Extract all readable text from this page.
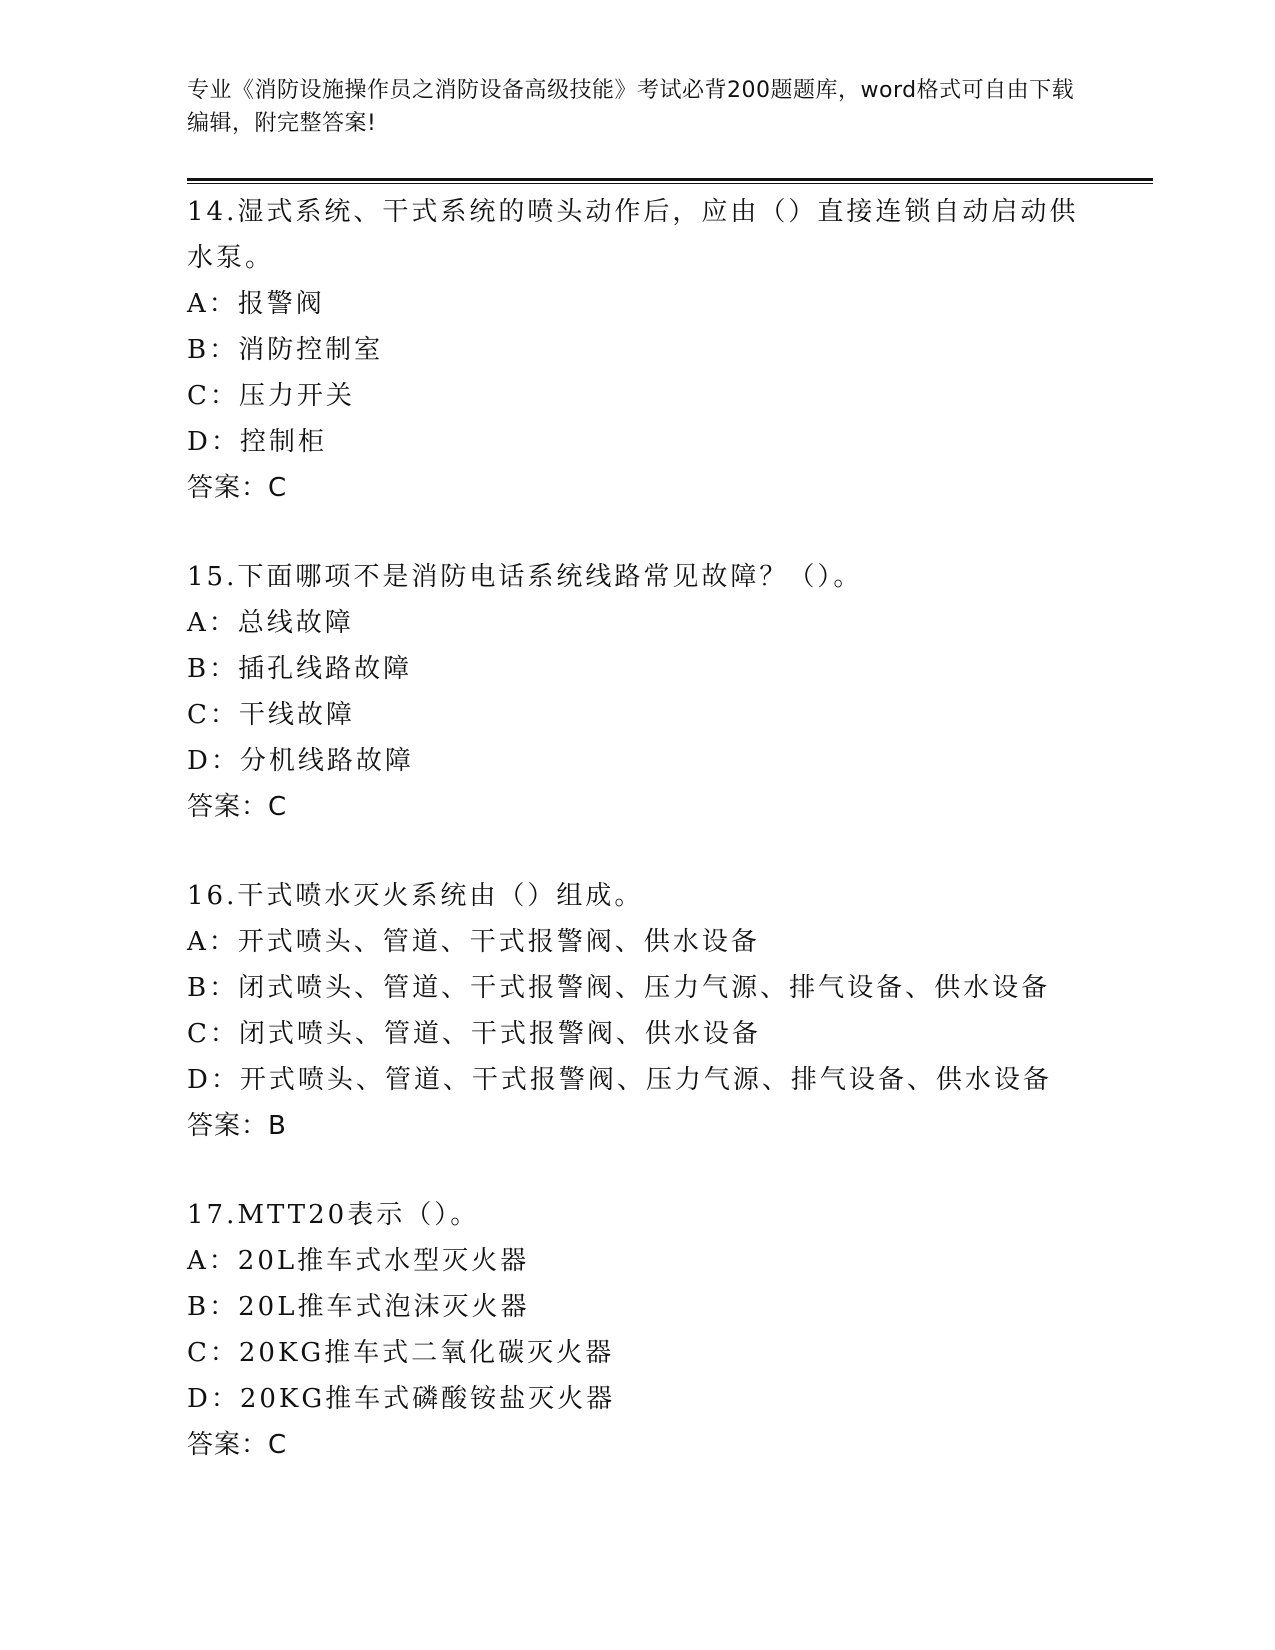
专业《消防设施操作员之消防设备高级技能》考试必背200题题库，word格式可自由下载编辑，附完整答案!
14.湿式系统、干式系统的喷头动作后，应由（）直接连锁自动启动供水泵。
A：报警阀
B：消防控制室
C：压力开关
D：控制柜
答案：C
15.下面哪项不是消防电话系统线路常见故障？（）。
A：总线故障
B：插孔线路故障
C：干线故障
D：分机线路故障
答案：C
16.干式喷水灭火系统由（）组成。
A：开式喷头、管道、干式报警阀、供水设备
B：闭式喷头、管道、干式报警阀、压力气源、排气设备、供水设备
C：闭式喷头、管道、干式报警阀、供水设备
D：开式喷头、管道、干式报警阀、压力气源、排气设备、供水设备
答案：B
17.MTT20表示（）。
A：20L推车式水型灭火器
B：20L推车式泡沫灭火器
C：20KG推车式二氧化碳灭火器
D：20KG推车式磷酸铵盐灭火器
答案：C
